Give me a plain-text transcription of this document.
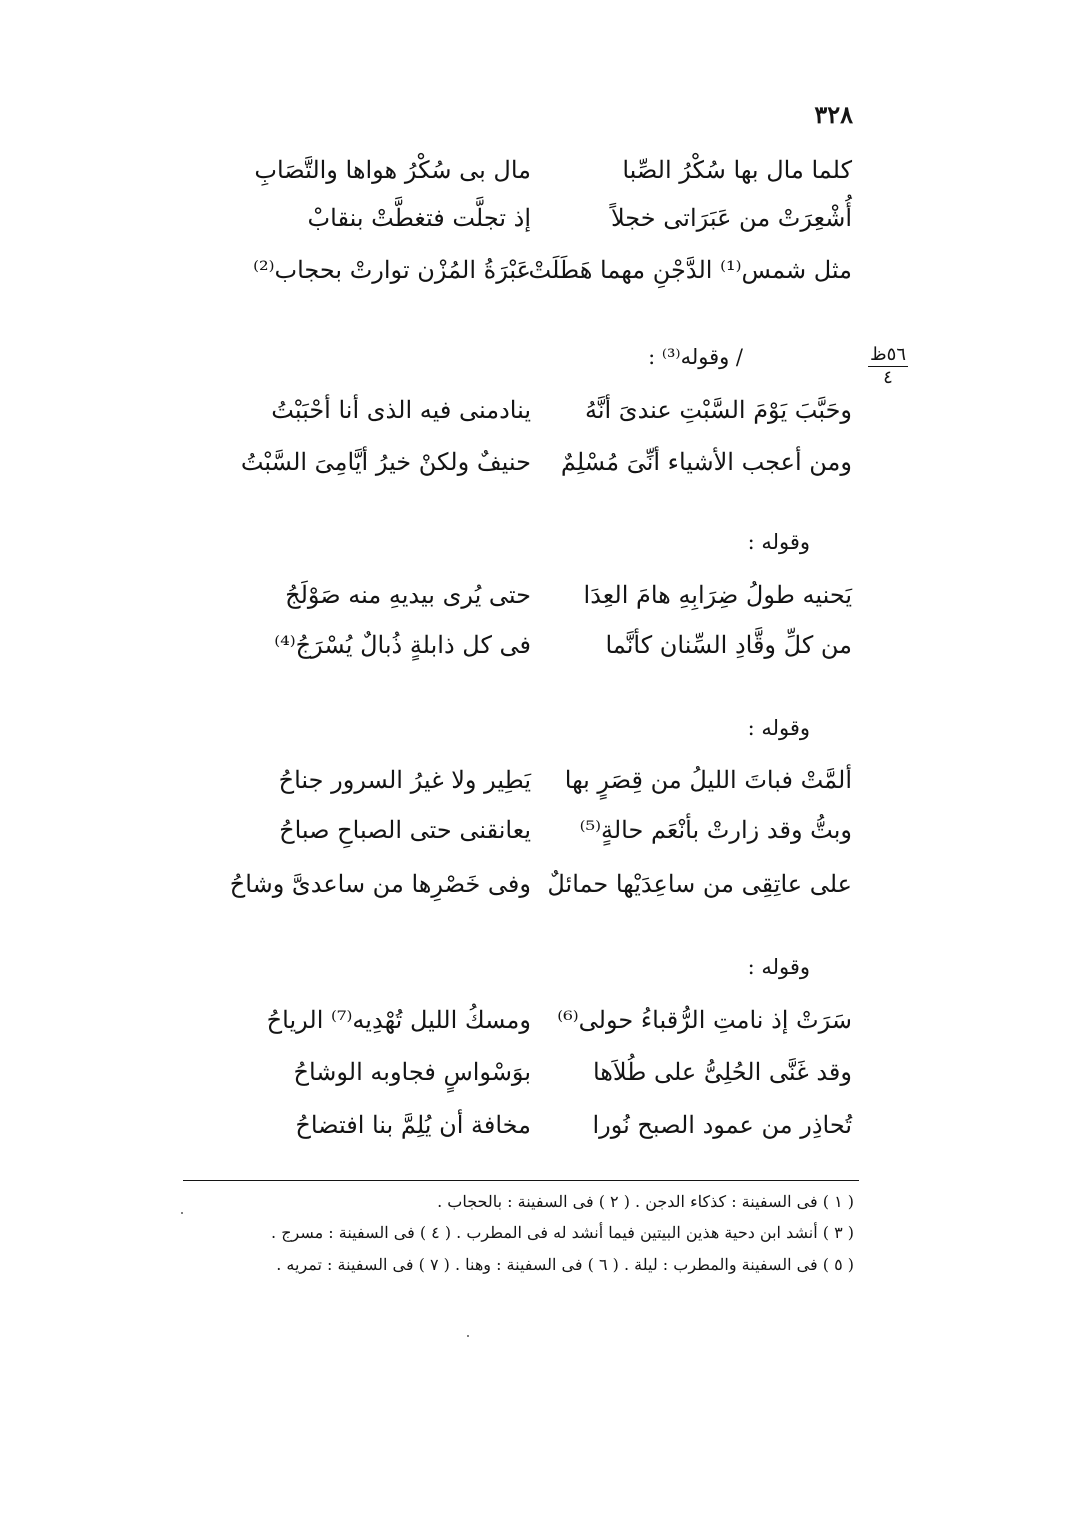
٣٢٨
كلما مال بها سُكْرُ الصِّبا
مال بى سُكْرُ هواها والتَّصَابِ
أُشْعِرَتْ من عَبَرَاتى خجلاً
إذ تجلَّت فتغطَّتْ بنقابْ
مثل شمس⁽¹⁾ الدَّجْنِ مهما هَطَلَتْ
عَبْرَةُ المُزْن توارتْ بحجاب⁽²⁾
٥٦ظ
٤
/ وقوله⁽³⁾ :
وحَبَّبَ يَوْمَ السَّبْتِ عندىَ أنَّهُ
ينادمنى فيه الذى أنا أحْبَبْتُ
ومن أعجب الأشياء أنِّىَ مُسْلِمٌ
حنيفٌ ولكنْ خيرُ أيَّامِىَ السَّبْتُ
وقوله :
يَحنيه طولُ ضِرَابِهِ هامَ العِدَا
حتى يُرى بيديهِ منه صَوْلَجُ
من كلِّ وقَّادِ السِّنان كأنَّما
فى كل ذابلةٍ ذُبالٌ يُسْرَجُ⁽⁴⁾
وقوله :
ألمَّتْ فباتَ الليلُ من قِصَرٍ بها
يَطِير ولا غيرُ السرور جناحُ
وبتُّ وقد زارتْ بأنْعَم حالةٍ⁽⁵⁾
يعانقنى حتى الصباحِ صباحُ
على عاتِقِى من ساعِدَيْها حمائلٌ
وفى خَصْرِها من ساعدىَّ وشاحُ
وقوله :
سَرَتْ إذ نامتِ الرُّقباءُ حولى⁽⁶⁾
ومسكُ الليل تُهْدِيه⁽⁷⁾ الرياحُ
وقد غَنَّى الحُلِىُّ على طُلاَها
بوَسْواسٍ فجاوبه الوشاحُ
تُحاذِر من عمود الصبح نُورا
مخافة أن يُلِمَّ بنا افتضاحُ
( ١ ) فى السفينة : كذكاء الدجن . ( ٢ ) فى السفينة : بالحجاب .
( ٣ ) أنشد ابن دحية هذين البيتين فيما أنشد له فى المطرب . ( ٤ ) فى السفينة : مسرج .
( ٥ ) فى السفينة والمطرب : ليلة . ( ٦ ) فى السفينة : وهنا . ( ٧ ) فى السفينة : تمريه .
